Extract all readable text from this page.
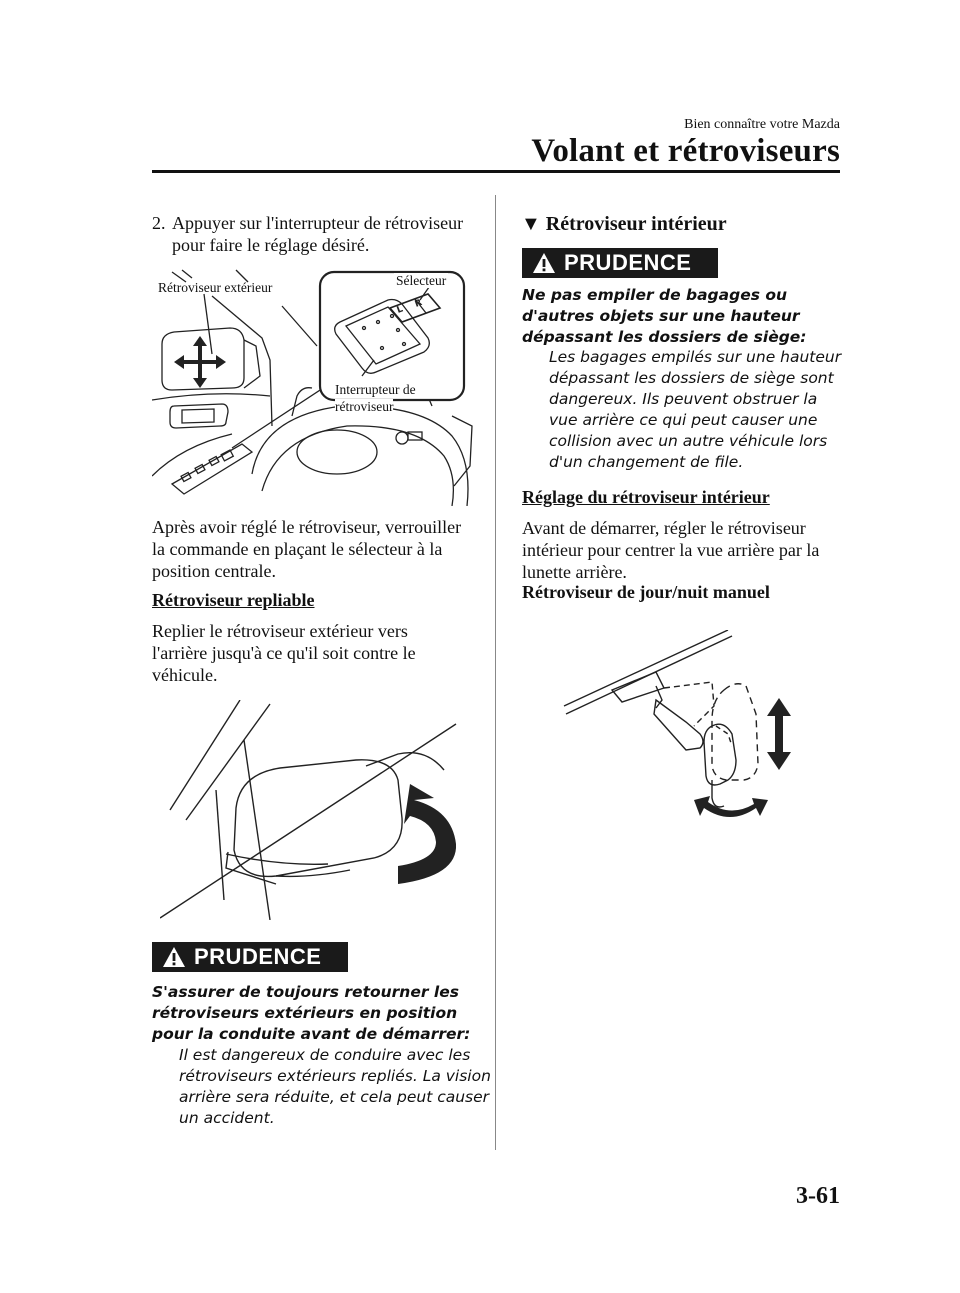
Bien connaître votre Mazda
Volant et rétroviseurs
2. Appuyer sur l'interrupteur de rétroviseur pour faire le réglage désiré.
L
R
Rétroviseur extérieur	Sélecteur
Interrupteur de
rétroviseur
Après avoir réglé le rétroviseur, verrouiller la commande en plaçant le sélecteur à la position centrale.
Rétroviseur repliable
Replier le rétroviseur extérieur vers l'arrière jusqu'à ce qu'il soit contre le véhicule.
PRUDENCE
S'assurer de toujours retourner les rétroviseurs extérieurs en position pour la conduite avant de démarrer:
Il est dangereux de conduire avec les rétroviseurs extérieurs repliés. La vision arrière sera réduite, et cela peut causer un accident.
▼ Rétroviseur intérieur
PRUDENCE
Ne pas empiler de bagages ou d'autres objets sur une hauteur dépassant les dossiers de siège:
Les bagages empilés sur une hauteur dépassant les dossiers de siège sont dangereux. Ils peuvent obstruer la vue arrière ce qui peut causer une collision avec un autre véhicule lors d'un changement de file.
Réglage du rétroviseur intérieur
Avant de démarrer, régler le rétroviseur intérieur pour centrer la vue arrière par la lunette arrière.
Rétroviseur de jour/nuit manuel
3-61
